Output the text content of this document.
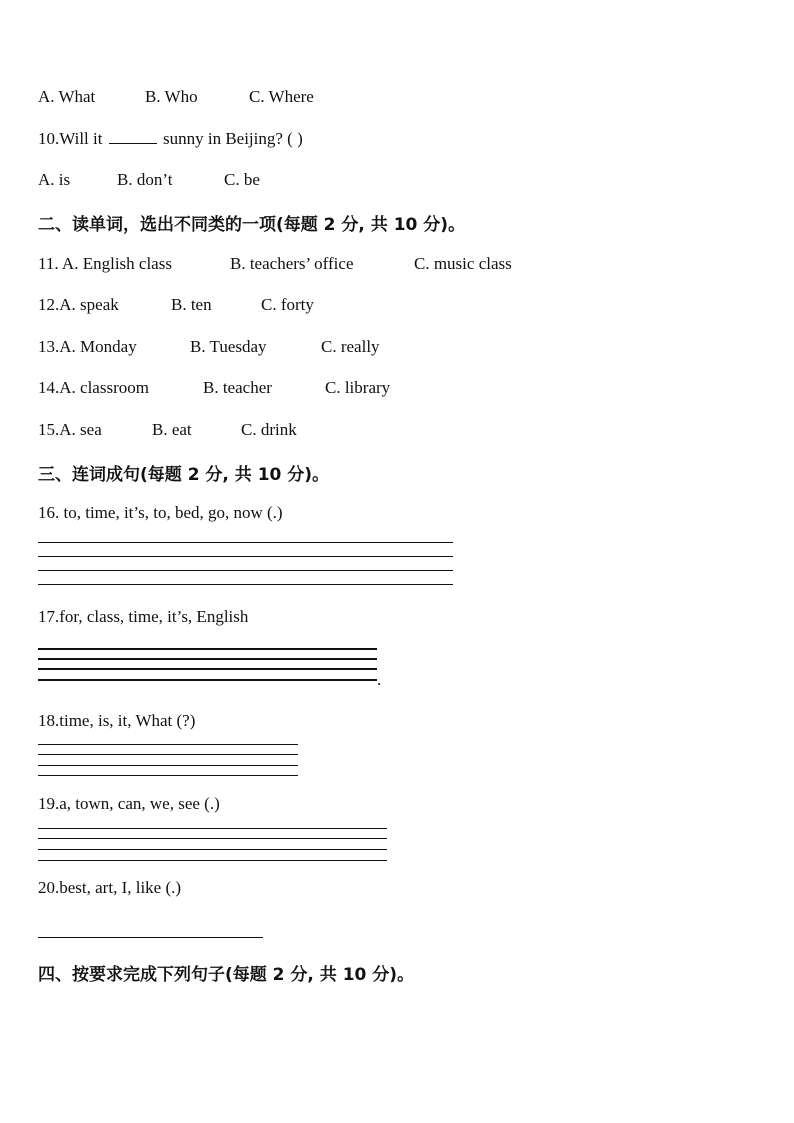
A. What	B. Who	C. Where
10.Will it	sunny in Beijing? ( )
A. is	B. don’t	C. be
二、读单词，选出不同类的一项(每题 2 分, 共 10 分)。
11. A. English class	B. teachers’ office	C. music class
12.A. speak	B. ten	C. forty
13.A. Monday	B. Tuesday	C. really
14.A. classroom	B. teacher	C. library
15.A. sea	B. eat	C. drink
三、连词成句(每题 2 分, 共 10 分)。
16. to, time, it’s, to, bed, go, now (.)
17.for, class, time, it’s, English
.
18.time, is, it, What (?)
19.a, town, can, we, see (.)
20.best, art, I, like (.)
四、按要求完成下列句子(每题 2 分, 共 10 分)。
